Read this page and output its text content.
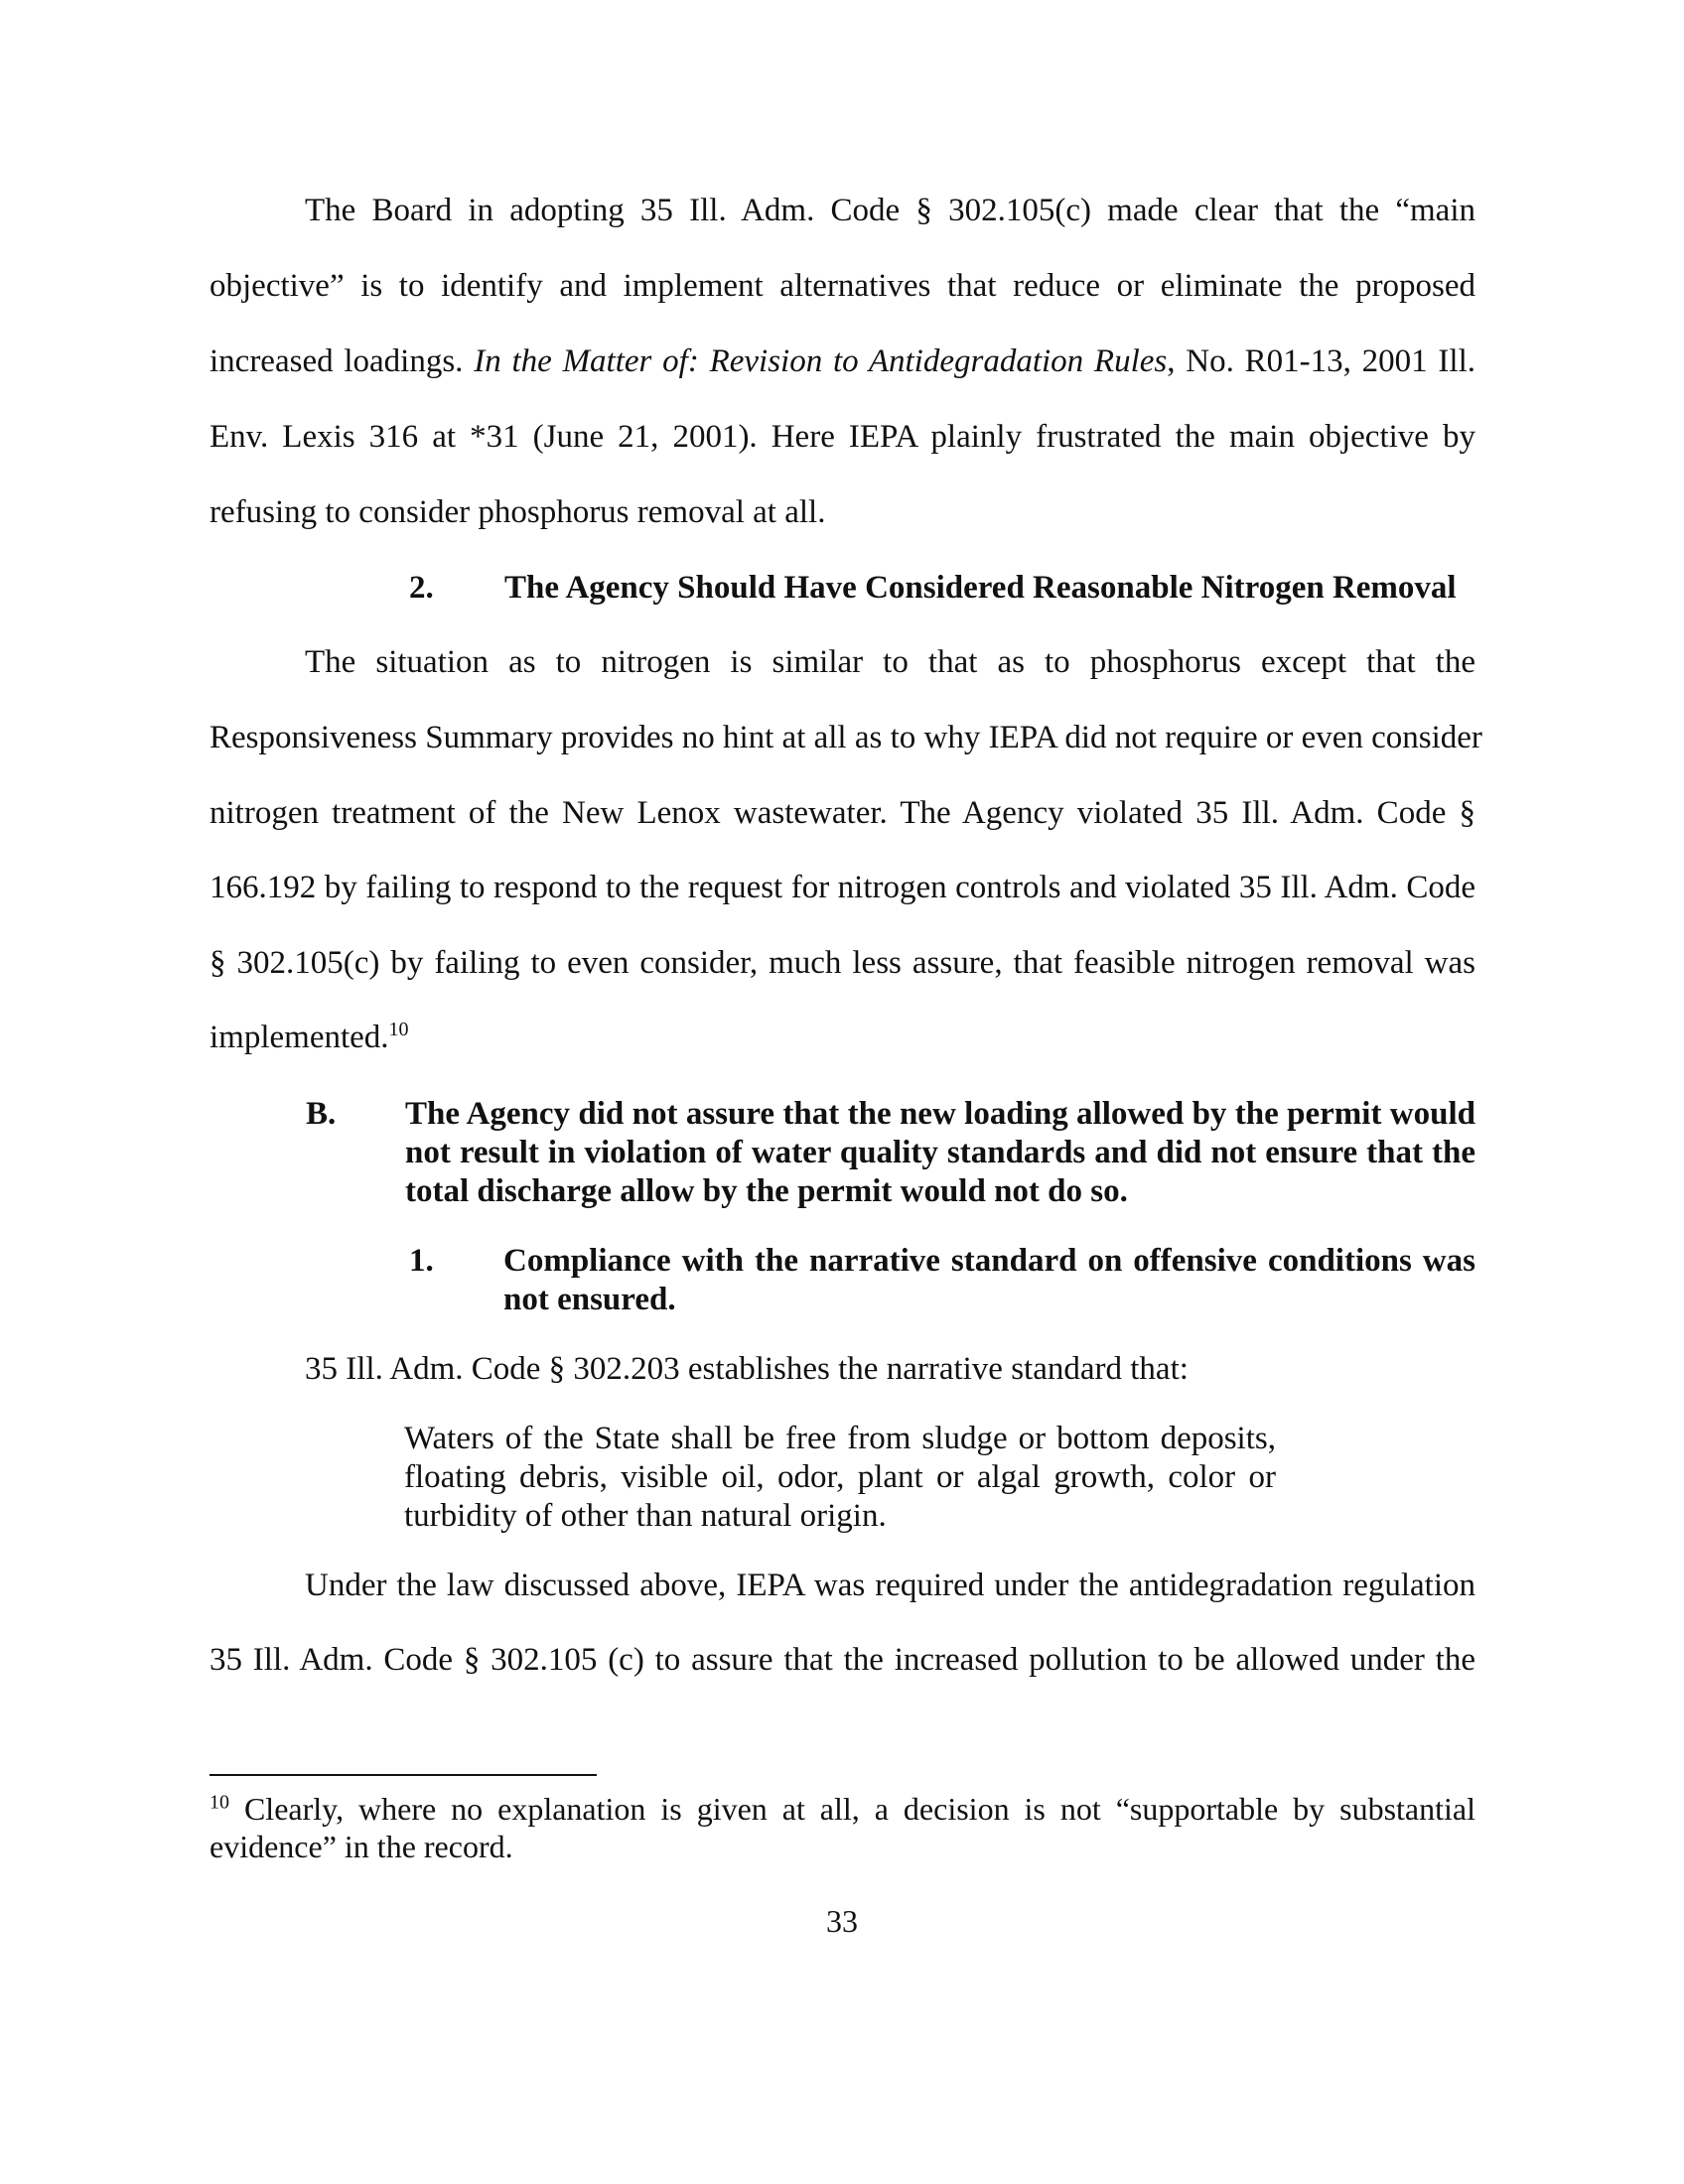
The Board in adopting 35 Ill. Adm. Code § 302.105(c) made clear that the “main
objective” is to identify and implement alternatives that reduce or eliminate the proposed
increased loadings. In the Matter of: Revision to Antidegradation Rules, No. R01-13, 2001 Ill.
Env. Lexis 316 at *31 (June 21, 2001). Here IEPA plainly frustrated the main objective by
refusing to consider phosphorus removal at all.
2. The Agency Should Have Considered Reasonable Nitrogen Removal
The situation as to nitrogen is similar to that as to phosphorus except that the
Responsiveness Summary provides no hint at all as to why IEPA did not require or even consider
nitrogen treatment of the New Lenox wastewater. The Agency violated 35 Ill. Adm. Code §
166.192 by failing to respond to the request for nitrogen controls and violated 35 Ill. Adm. Code
§ 302.105(c) by failing to even consider, much less assure, that feasible nitrogen removal was
implemented.$^{10}$
B. The Agency did not assure that the new loading allowed by the permit would
not result in violation of water quality standards and did not ensure that the
total discharge allow by the permit would not do so.
1. Compliance with the narrative standard on offensive conditions was
not ensured.
35 Ill. Adm. Code § 302.203 establishes the narrative standard that:
Waters of the State shall be free from sludge or bottom deposits,
floating debris, visible oil, odor, plant or algal growth, color or
turbidity of other than natural origin.
Under the law discussed above, IEPA was required under the antidegradation regulation
35 Ill. Adm. Code § 302.105 (c) to assure that the increased pollution to be allowed under the
$^{10}$ Clearly, where no explanation is given at all, a decision is not “supportable by substantial
evidence” in the record.
33
